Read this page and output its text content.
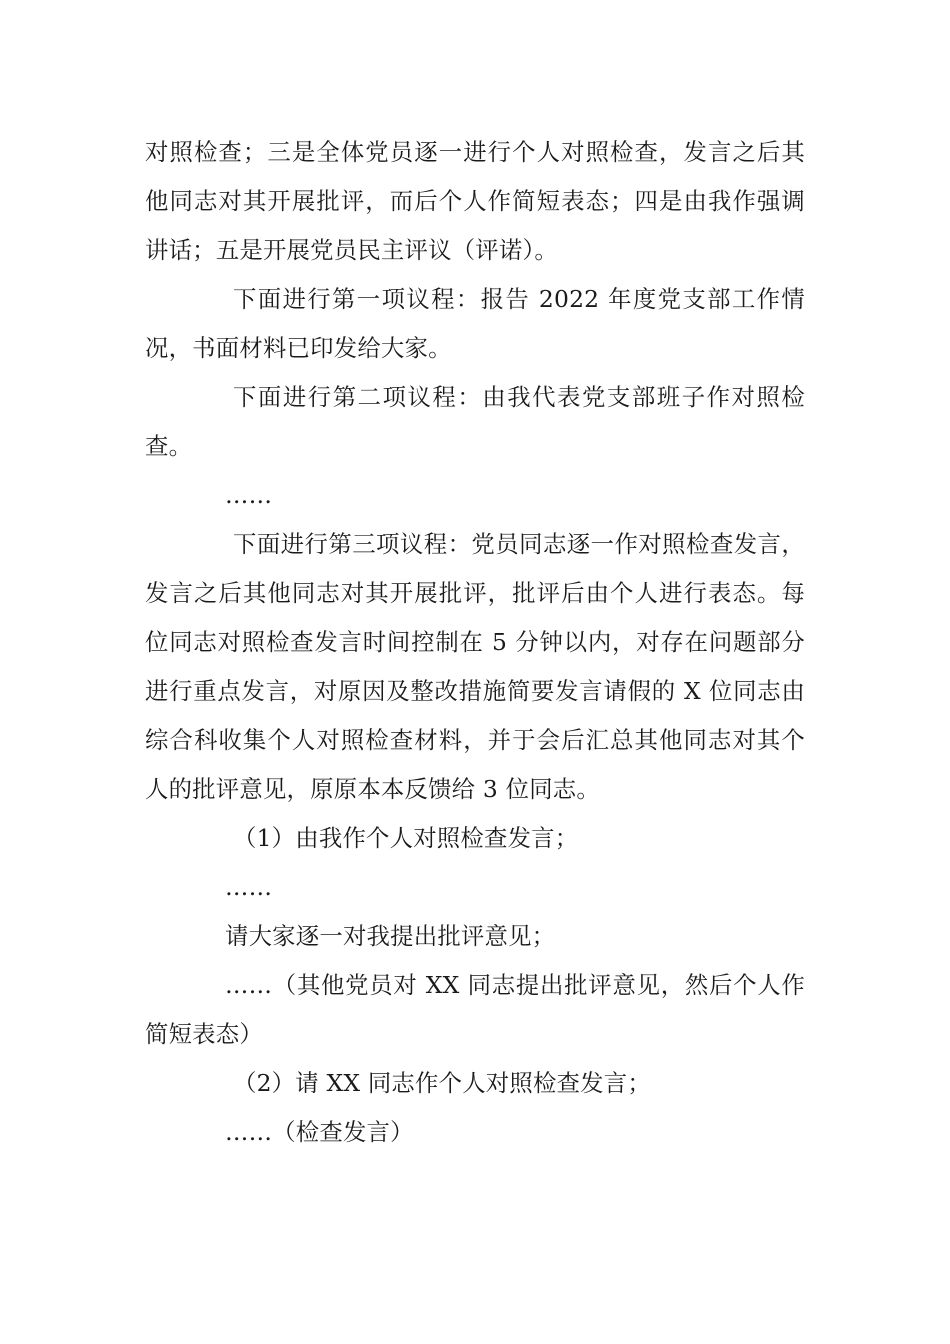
对照检查；三是全体党员逐一进行个人对照检查，发言之后其他同志对其开展批评，而后个人作简短表态；四是由我作强调讲话；五是开展党员民主评议（评诺）。

下面进行第一项议程：报告 2022 年度党支部工作情况，书面材料已印发给大家。

下面进行第二项议程：由我代表党支部班子作对照检查。

……

下面进行第三项议程：党员同志逐一作对照检查发言，发言之后其他同志对其开展批评，批评后由个人进行表态。每位同志对照检查发言时间控制在 5 分钟以内，对存在问题部分进行重点发言，对原因及整改措施简要发言请假的 X 位同志由综合科收集个人对照检查材料，并于会后汇总其他同志对其个人的批评意见，原原本本反馈给 3 位同志。

（1）由我作个人对照检查发言；

……

请大家逐一对我提出批评意见；

……（其他党员对 XX 同志提出批评意见，然后个人作简短表态）

（2）请 XX 同志作个人对照检查发言；

……（检查发言）
